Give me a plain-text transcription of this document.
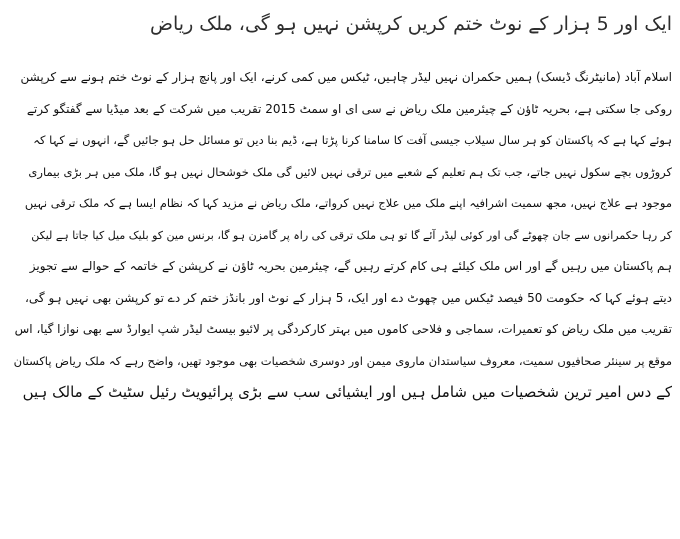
ایک اور 5 ہزار کے نوٹ ختم کریں کرپشن نہیں ہو گی، ملک ریاض
اسلام آباد (مانیٹرنگ ڈیسک) ہمیں حکمران نہیں لیڈر چاہیں، ٹیکس میں کمی کرنے، ایک اور پانچ ہزار کے نوٹ ختم ہونے سے کرپشن
روکی جا سکتی ہے، بحریہ ٹاؤن کے چیئرمین ملک ریاض نے سی ای او سمٹ 2015 تقریب میں شرکت کے بعد میڈیا سے گفتگو کرتے
ہوئے کہا ہے کہ پاکستان کو ہر سال سیلاب جیسی آفت کا سامنا کرنا پڑتا ہے، ڈیم بنا دیں تو مسائل حل ہو جائیں گے، انہوں نے کہا کہ
کروڑوں بچے سکول نہیں جاتے، جب تک ہم تعلیم کے شعبے میں ترقی نہیں لائیں گی ملک خوشحال نہیں ہو گا، ملک میں ہر بڑی بیماری
موجود ہے علاج نہیں، مجھ سمیت اشرافیہ اپنے ملک میں علاج نہیں کرواتے، ملک ریاض نے مزید کہا کہ نظام ایسا ہے کہ ملک ترقی نہیں
کر رہا حکمرانوں سے جان چھوٹے گی اور کوئی لیڈر آئے گا تو ہی ملک ترقی کی راہ پر گامزن ہو گا، برنس مین کو بلیک میل کیا جاتا ہے لیکن
ہم پاکستان میں رہیں گے اور اس ملک کیلئے ہی کام کرتے رہیں گے، چیئرمین بحریہ ٹاؤن نے کرپشن کے خاتمہ کے حوالے سے تجویز
دیتے ہوئے کہا کہ حکومت 50 فیصد ٹیکس میں چھوٹ دے اور ایک، 5 ہزار کے نوٹ اور بانڈز ختم کر دے تو کرپشن بھی نہیں ہو گی،
تقریب میں ملک ریاض کو تعمیرات، سماجی و فلاحی کاموں میں بہتر کارکردگی پر لائیو بیسٹ لیڈر شپ ایوارڈ سے بھی نوازا گیا، اس
موقع پر سینئر صحافیوں سمیت، معروف سیاستدان ماروی میمن اور دوسری شخصیات بھی موجود تھیں، واضح رہے کہ ملک ریاض پاکستان
کے دس امیر ترین شخصیات میں شامل ہیں اور ایشیائی سب سے بڑی پرائیویٹ رئیل سٹیٹ کے مالک ہیں
